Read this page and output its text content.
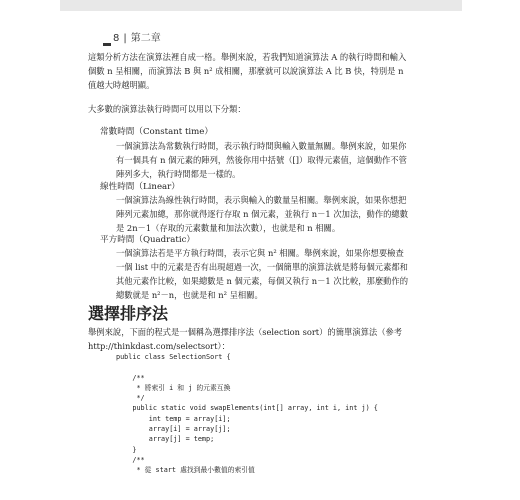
8 | 第二章

這類分析方法在演算法裡自成一格。舉例來說，若我們知道演算法 A 的執行時間和輸入個數 n 呈相關，而演算法 B 與 n² 成相關，那麼就可以說演算法 A 比 B 快，特別是 n 值越大時越明顯。

大多數的演算法執行時間可以用以下分類：

常數時間（Constant time）

一個演算法為常數執行時間，表示執行時間與輸入數量無關。舉例來說，如果你有一個具有 n 個元素的陣列，然後你用中括號（[]）取得元素值，這個動作不管陣列多大，執行時間都是一樣的。

線性時間（Linear）

一個演算法為線性執行時間，表示與輸入的數量呈相關。舉例來說，如果你想把陣列元素加總，那你就得逐行存取 n 個元素，並執行 n－1 次加法，動作的總數是 2n－1（存取的元素數量和加法次數），也就是和 n 相關。

平方時間（Quadratic）

一個演算法若是平方執行時間，表示它與 n² 相關。舉例來說，如果你想要檢查一個 list 中的元素是否有出現超過一次，一個簡單的演算法就是將每個元素都和其他元素作比較，如果總數是 n 個元素，每個又執行 n－1 次比較，那麼動作的總數就是 n²－n，也就是和 n² 呈相關。

選擇排序法

舉例來說，下面的程式是一個稱為選擇排序法（selection sort）的簡單演算法（參考 http://thinkdast.com/selectsort）：

public class SelectionSort {

/**
* 將索引 i 和 j 的元素互換
*/
public static void swapElements(int[] array, int i, int j) {
int temp = array[i];
array[i] = array[j];
array[j] = temp;
}
/**
* 從 start 處找到最小數值的索引值
